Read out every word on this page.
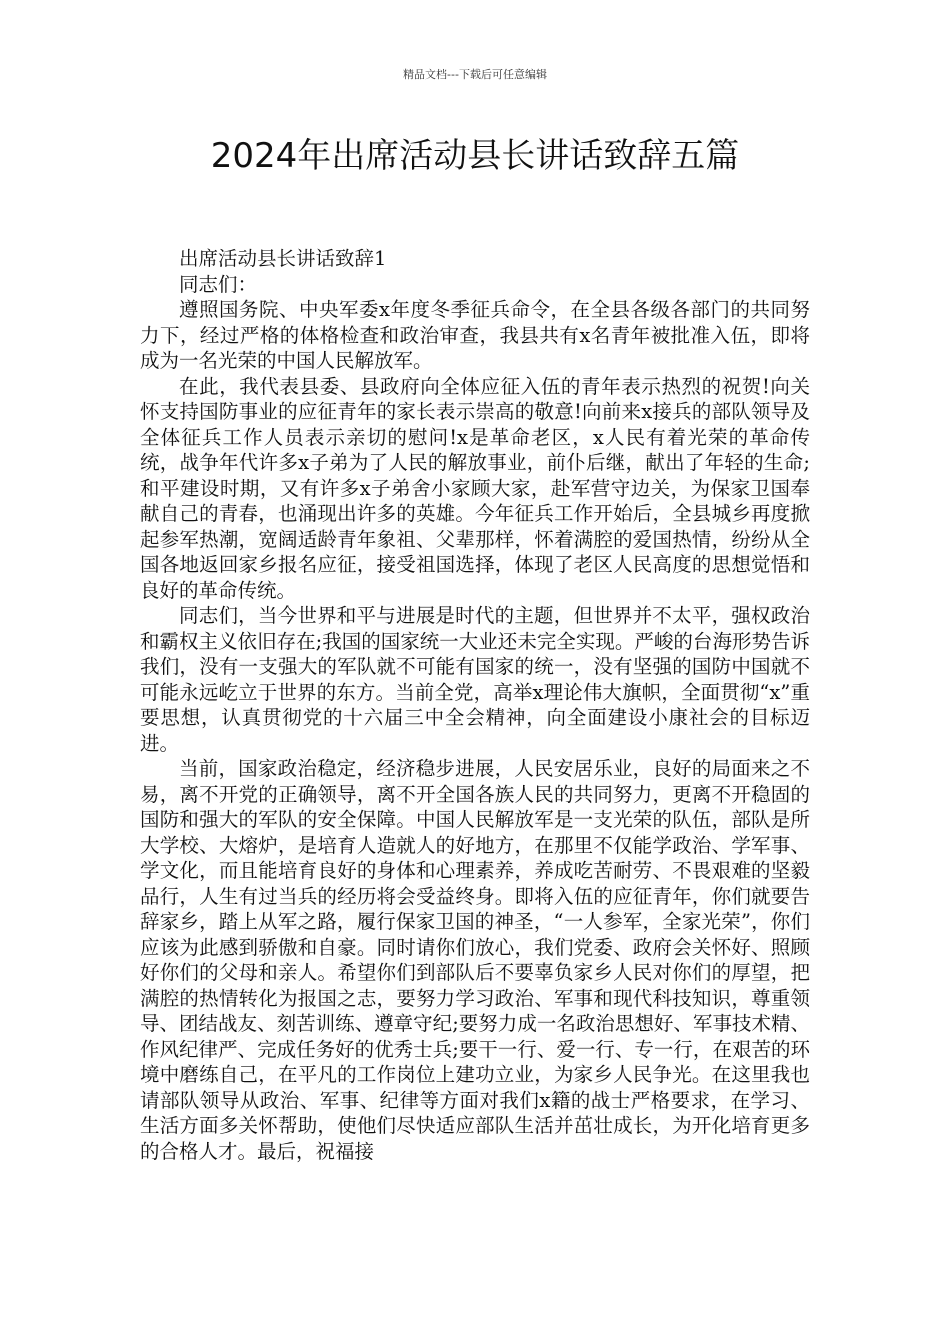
精品文档---下载后可任意编辑
2024年出席活动县长讲话致辞五篇

出席活动县长讲话致辞1

同志们：

遵照国务院、中央军委x年度冬季征兵命令，在全县各级各部门的共同努力下，经过严格的体格检查和政治审查，我县共有x名青年被批准入伍，即将成为一名光荣的中国人民解放军。

在此，我代表县委、县政府向全体应征入伍的青年表示热烈的祝贺!向关怀支持国防事业的应征青年的家长表示崇高的敬意!向前来x接兵的部队领导及全体征兵工作人员表示亲切的慰问!x是革命老区，x人民有着光荣的革命传统，战争年代许多x子弟为了人民的解放事业，前仆后继，献出了年轻的生命;和平建设时期，又有许多x子弟舍小家顾大家，赴军营守边关，为保家卫国奉献自己的青春，也涌现出许多的英雄。今年征兵工作开始后，全县城乡再度掀起参军热潮，宽阔适龄青年象祖、父辈那样，怀着满腔的爱国热情，纷纷从全国各地返回家乡报名应征，接受祖国选择，体现了老区人民高度的思想觉悟和良好的革命传统。

同志们，当今世界和平与进展是时代的主题，但世界并不太平，强权政治和霸权主义依旧存在;我国的国家统一大业还未完全实现。严峻的台海形势告诉我们，没有一支强大的军队就不可能有国家的统一，没有坚强的国防中国就不可能永远屹立于世界的东方。当前全党，高举x理论伟大旗帜，全面贯彻“x”重要思想，认真贯彻党的十六届三中全会精神，向全面建设小康社会的目标迈进。

当前，国家政治稳定，经济稳步进展，人民安居乐业，良好的局面来之不易，离不开党的正确领导，离不开全国各族人民的共同努力，更离不开稳固的国防和强大的军队的安全保障。中国人民解放军是一支光荣的队伍，部队是所大学校、大熔炉，是培育人造就人的好地方，在那里不仅能学政治、学军事、学文化，而且能培育良好的身体和心理素养，养成吃苦耐劳、不畏艰难的坚毅品行，人生有过当兵的经历将会受益终身。即将入伍的应征青年，你们就要告辞家乡，踏上从军之路，履行保家卫国的神圣，“一人参军，全家光荣”，你们应该为此感到骄傲和自豪。同时请你们放心，我们党委、政府会关怀好、照顾好你们的父母和亲人。希望你们到部队后不要辜负家乡人民对你们的厚望，把满腔的热情转化为报国之志，要努力学习政治、军事和现代科技知识，尊重领导、团结战友、刻苦训练、遵章守纪;要努力成一名政治思想好、军事技术精、作风纪律严、完成任务好的优秀士兵;要干一行、爱一行、专一行，在艰苦的环境中磨练自己，在平凡的工作岗位上建功立业，为家乡人民争光。在这里我也请部队领导从政治、军事、纪律等方面对我们x籍的战士严格要求，在学习、生活方面多关怀帮助，使他们尽快适应部队生活并茁壮成长，为开化培育更多的合格人才。最后，祝福接
